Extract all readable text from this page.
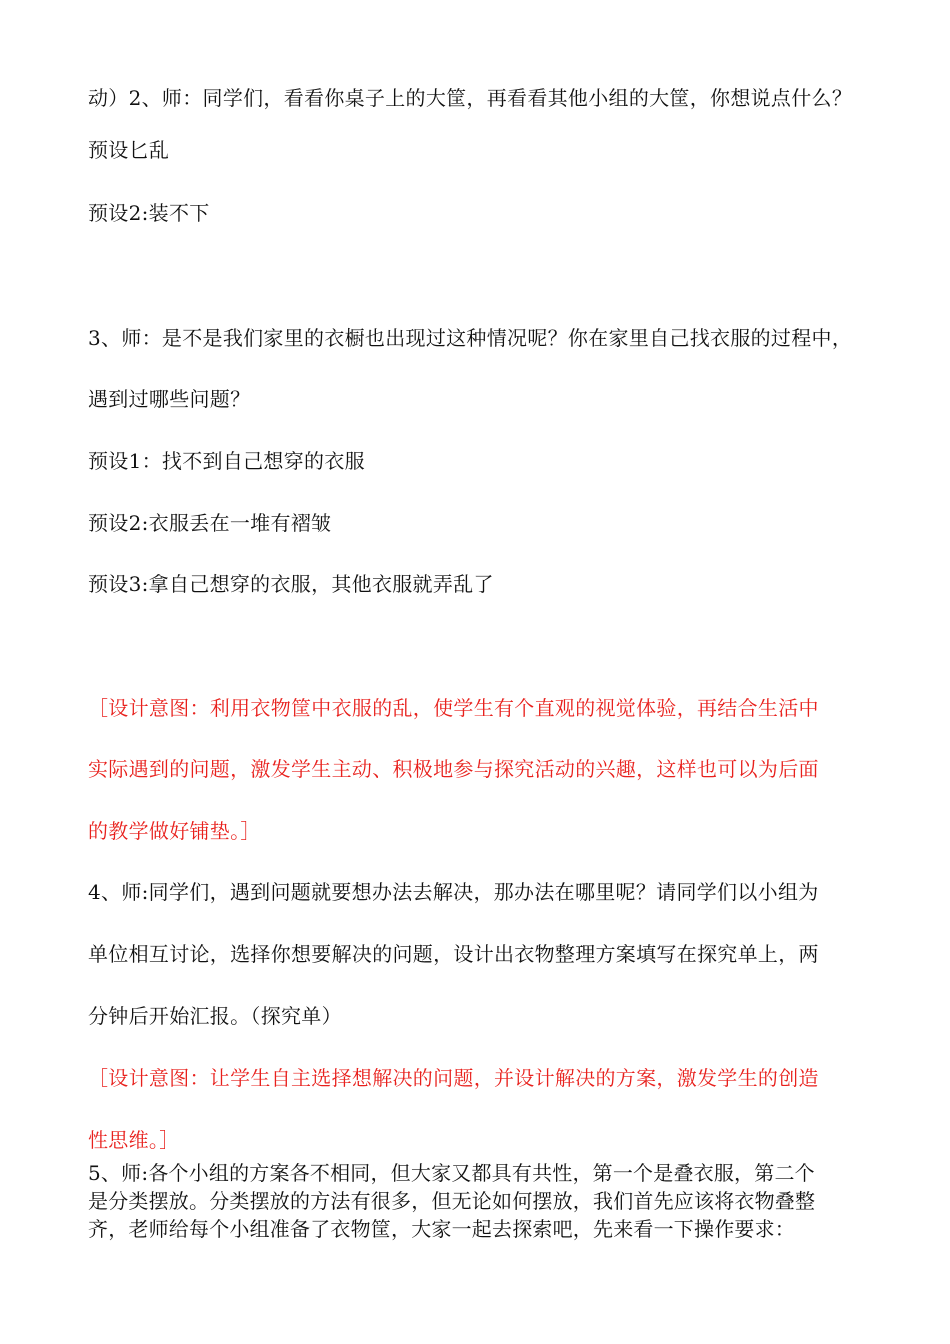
动）2、师：同学们，看看你桌子上的大筐，再看看其他小组的大筐，你想说点什么？
预设匕乱
预设2:装不下
3、师：是不是我们家里的衣橱也出现过这种情况呢？你在家里自己找衣服的过程中，
遇到过哪些问题？
预设1：找不到自己想穿的衣服
预设2:衣服丢在一堆有褶皱
预设3:拿自己想穿的衣服，其他衣服就弄乱了
［设计意图：利用衣物筐中衣服的乱，使学生有个直观的视觉体验，再结合生活中
实际遇到的问题，激发学生主动、积极地参与探究活动的兴趣，这样也可以为后面
的教学做好铺垫。］
4、师:同学们，遇到问题就要想办法去解决，那办法在哪里呢？请同学们以小组为
单位相互讨论，选择你想要解决的问题，设计出衣物整理方案填写在探究单上，两
分钟后开始汇报。（探究单）
［设计意图：让学生自主选择想解决的问题，并设计解决的方案，激发学生的创造
性思维。］
5、师:各个小组的方案各不相同，但大家又都具有共性，第一个是叠衣服，第二个
是分类摆放。分类摆放的方法有很多，但无论如何摆放，我们首先应该将衣物叠整
齐，老师给每个小组准备了衣物筐，大家一起去探索吧，先来看一下操作要求：
